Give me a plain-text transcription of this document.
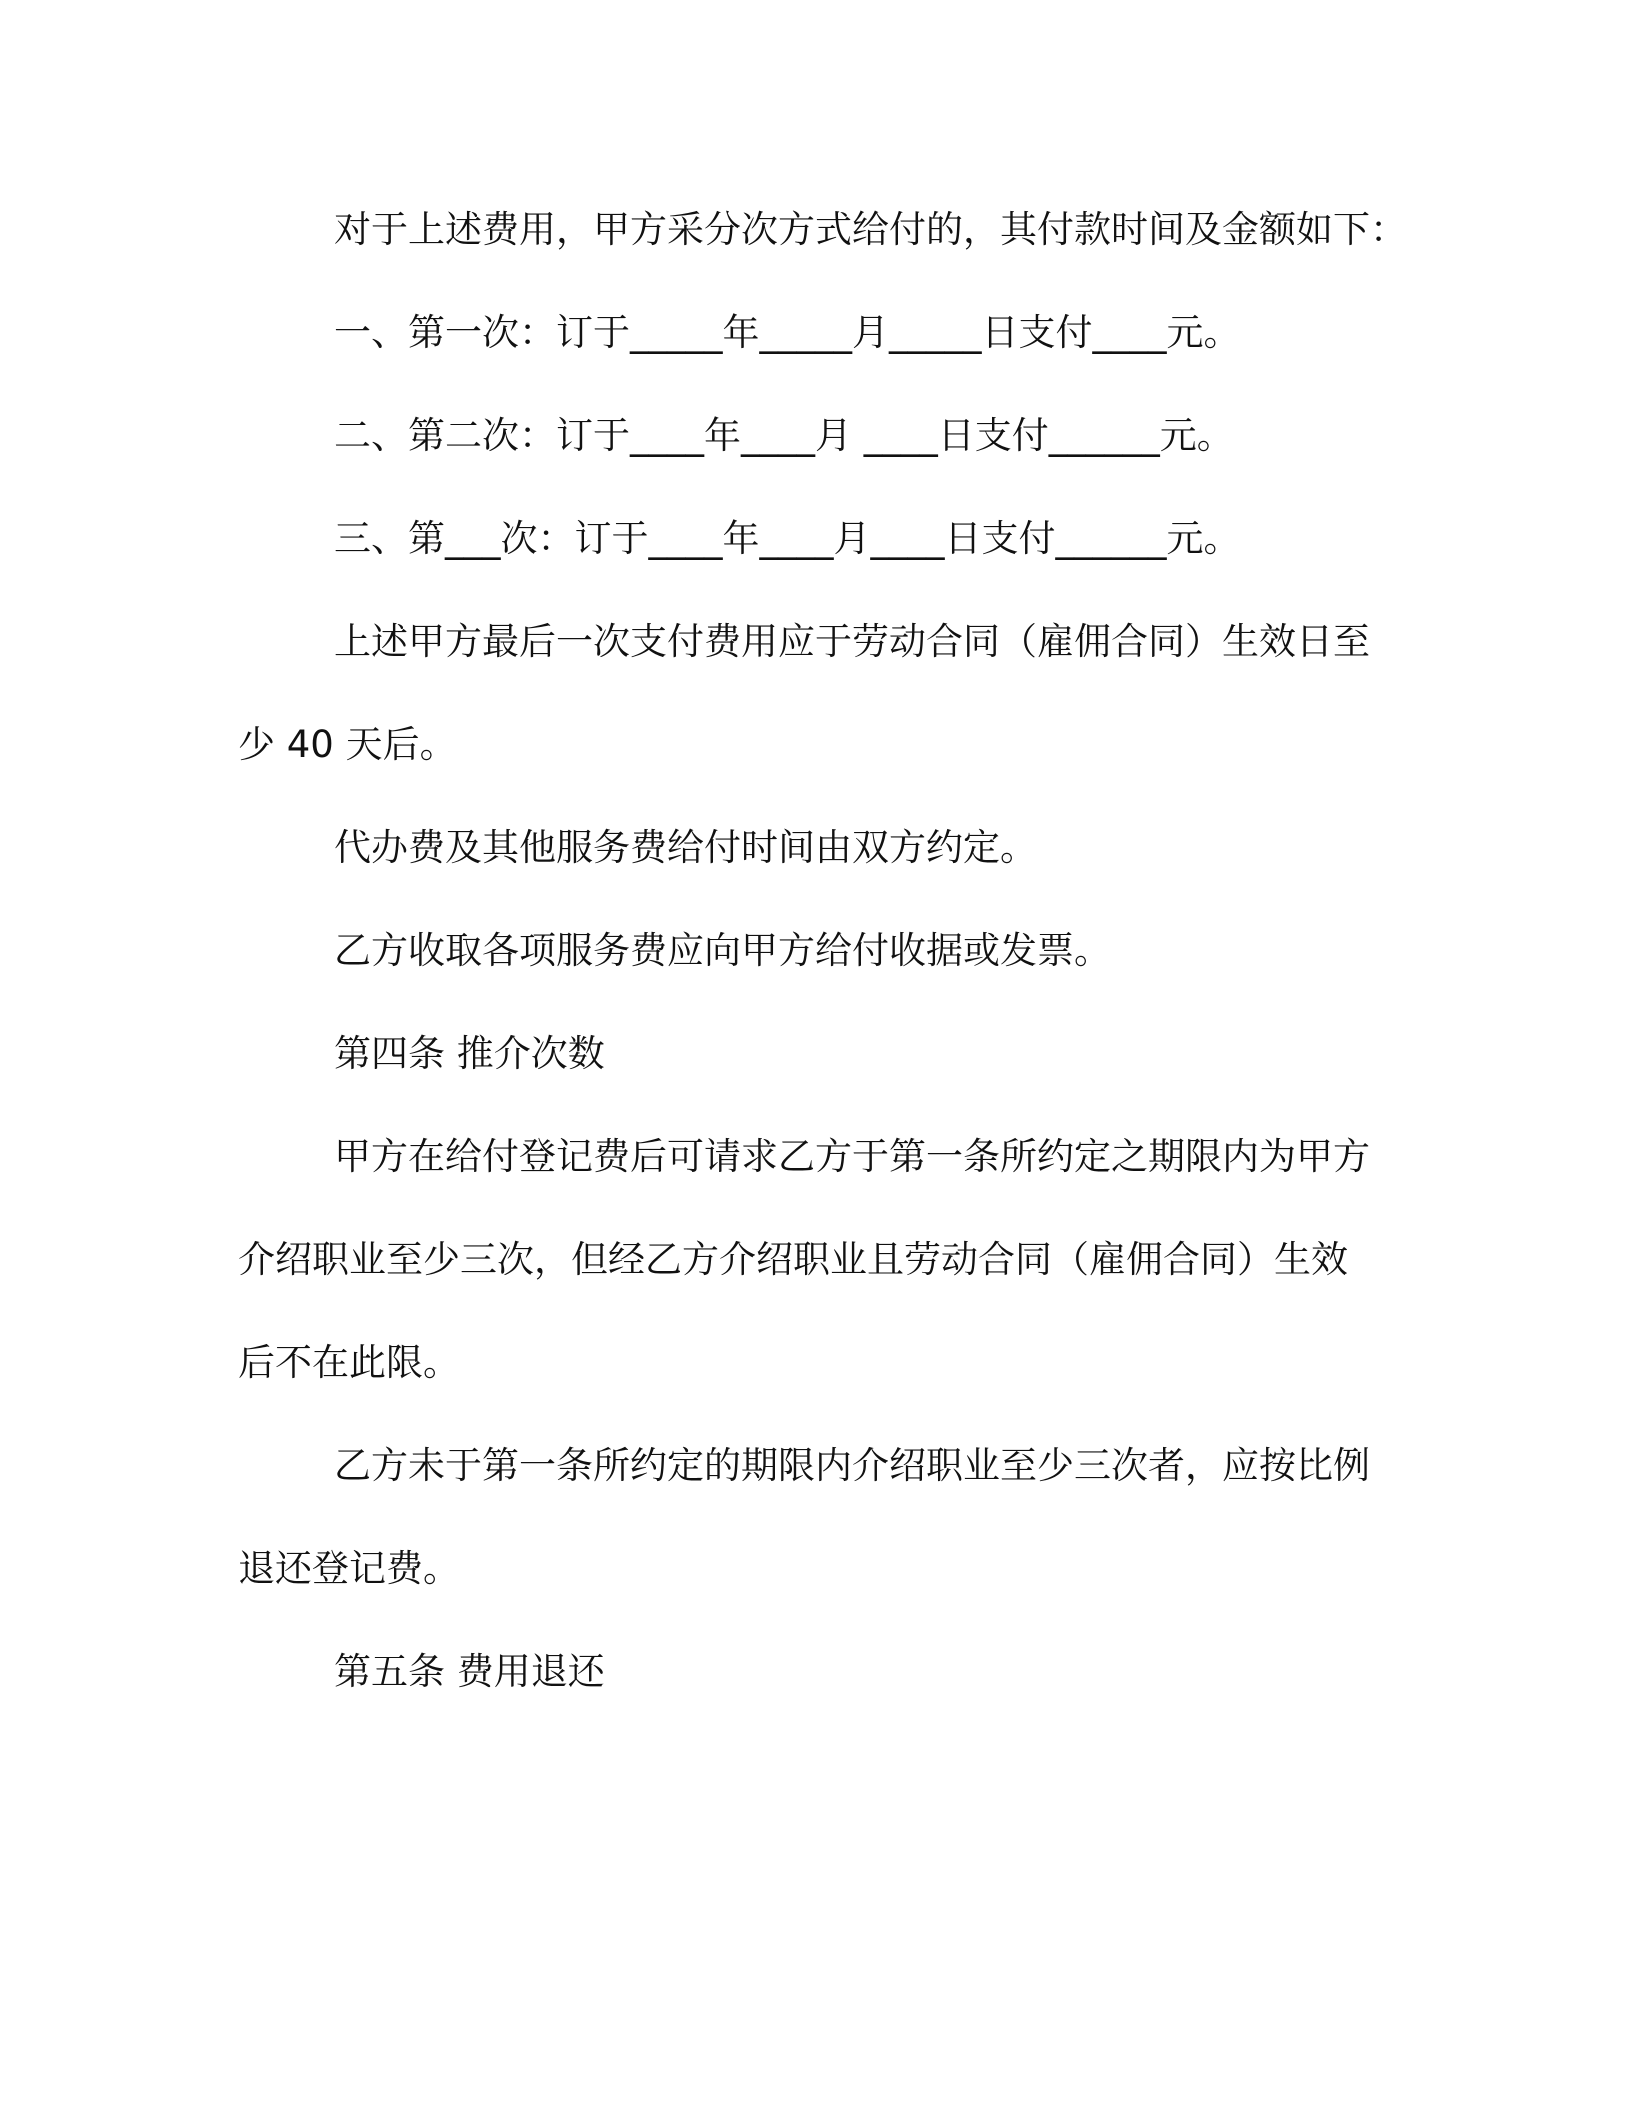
对于上述费用，甲方采分次方式给付的，其付款时间及金额如下：

一、第一次：订于_____年_____月_____日支付____元。

二、第二次：订于____年____月 ____日支付______元。

三、第___次：订于____年____月____日支付______元。

上述甲方最后一次支付费用应于劳动合同（雇佣合同）生效日至
少 40 天后。

代办费及其他服务费给付时间由双方约定。

乙方收取各项服务费应向甲方给付收据或发票。

第四条 推介次数

甲方在给付登记费后可请求乙方于第一条所约定之期限内为甲方
介绍职业至少三次，但经乙方介绍职业且劳动合同（雇佣合同）生效
后不在此限。
乙方未于第一条所约定的期限内介绍职业至少三次者，应按比例
退还登记费。

第五条 费用退还
